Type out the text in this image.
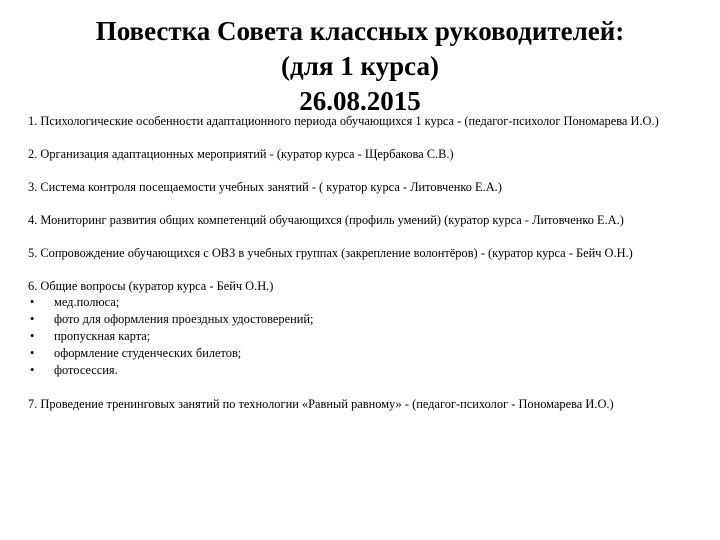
Повестка Совета классных руководителей:
(для 1 курса)
26.08.2015
1. Психологические особенности адаптационного периода обучающихся 1 курса - (педагог-психолог Пономарева И.О.)
2. Организация адаптационных мероприятий - (куратор курса - Щербакова С.В.)
3. Система контроля посещаемости учебных занятий - ( куратор курса - Литовченко Е.А.)
4. Мониторинг развития общих компетенций обучающихся (профиль умений) (куратор курса - Литовченко Е.А.)
5. Сопровождение обучающихся с ОВЗ в учебных группах (закрепление волонтёров) - (куратор курса - Бейч О.Н.)
6. Общие вопросы (куратор курса - Бейч О.Н.)
•	мед.полюса;
•	фото для оформления проездных удостоверений;
•	пропускная карта;
•	оформление студенческих билетов;
•	фотосессия.
7. Проведение тренинговых занятий по технологии «Равный равному» - (педагог-психолог - Пономарева И.О.)
